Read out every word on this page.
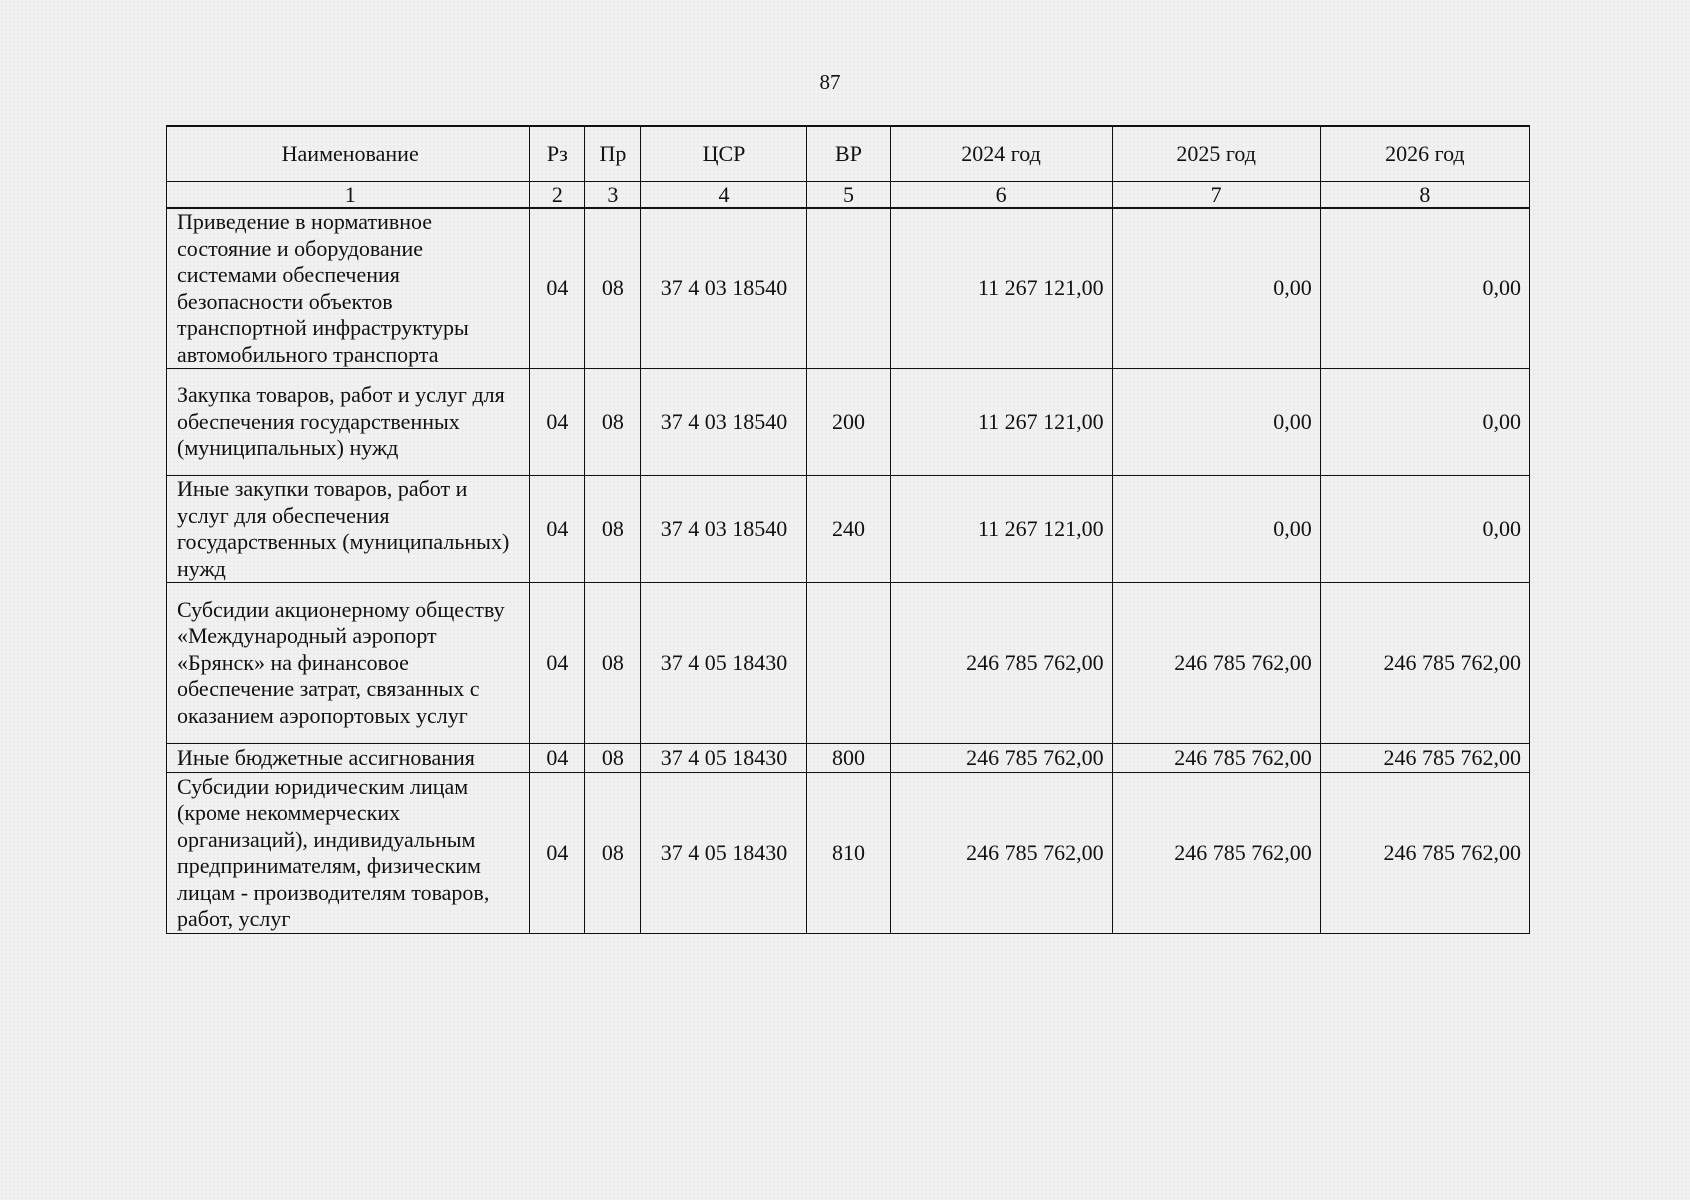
87
Наименование	Рз	Пр	ЦСР	ВР	2024 год	2025 год	2026 год
1	2	3	4	5	6	7	8
Приведение в нормативное состояние и оборудование системами обеспечения безопасности объектов транспортной инфраструктуры автомобильного транспорта	04	08	37 4 03 18540		11 267 121,00	0,00	0,00
Закупка товаров, работ и услуг для обеспечения государственных (муниципальных) нужд	04	08	37 4 03 18540	200	11 267 121,00	0,00	0,00
Иные закупки товаров, работ и услуг для обеспечения государственных (муниципальных) нужд	04	08	37 4 03 18540	240	11 267 121,00	0,00	0,00
Субсидии акционерному обществу «Международный аэропорт «Брянск» на финансовое обеспечение затрат, связанных с оказанием аэропортовых услуг	04	08	37 4 05 18430		246 785 762,00	246 785 762,00	246 785 762,00
Иные бюджетные ассигнования	04	08	37 4 05 18430	800	246 785 762,00	246 785 762,00	246 785 762,00
Субсидии юридическим лицам (кроме некоммерческих организаций), индивидуальным предпринимателям, физическим лицам - производителям товаров, работ, услуг	04	08	37 4 05 18430	810	246 785 762,00	246 785 762,00	246 785 762,00
